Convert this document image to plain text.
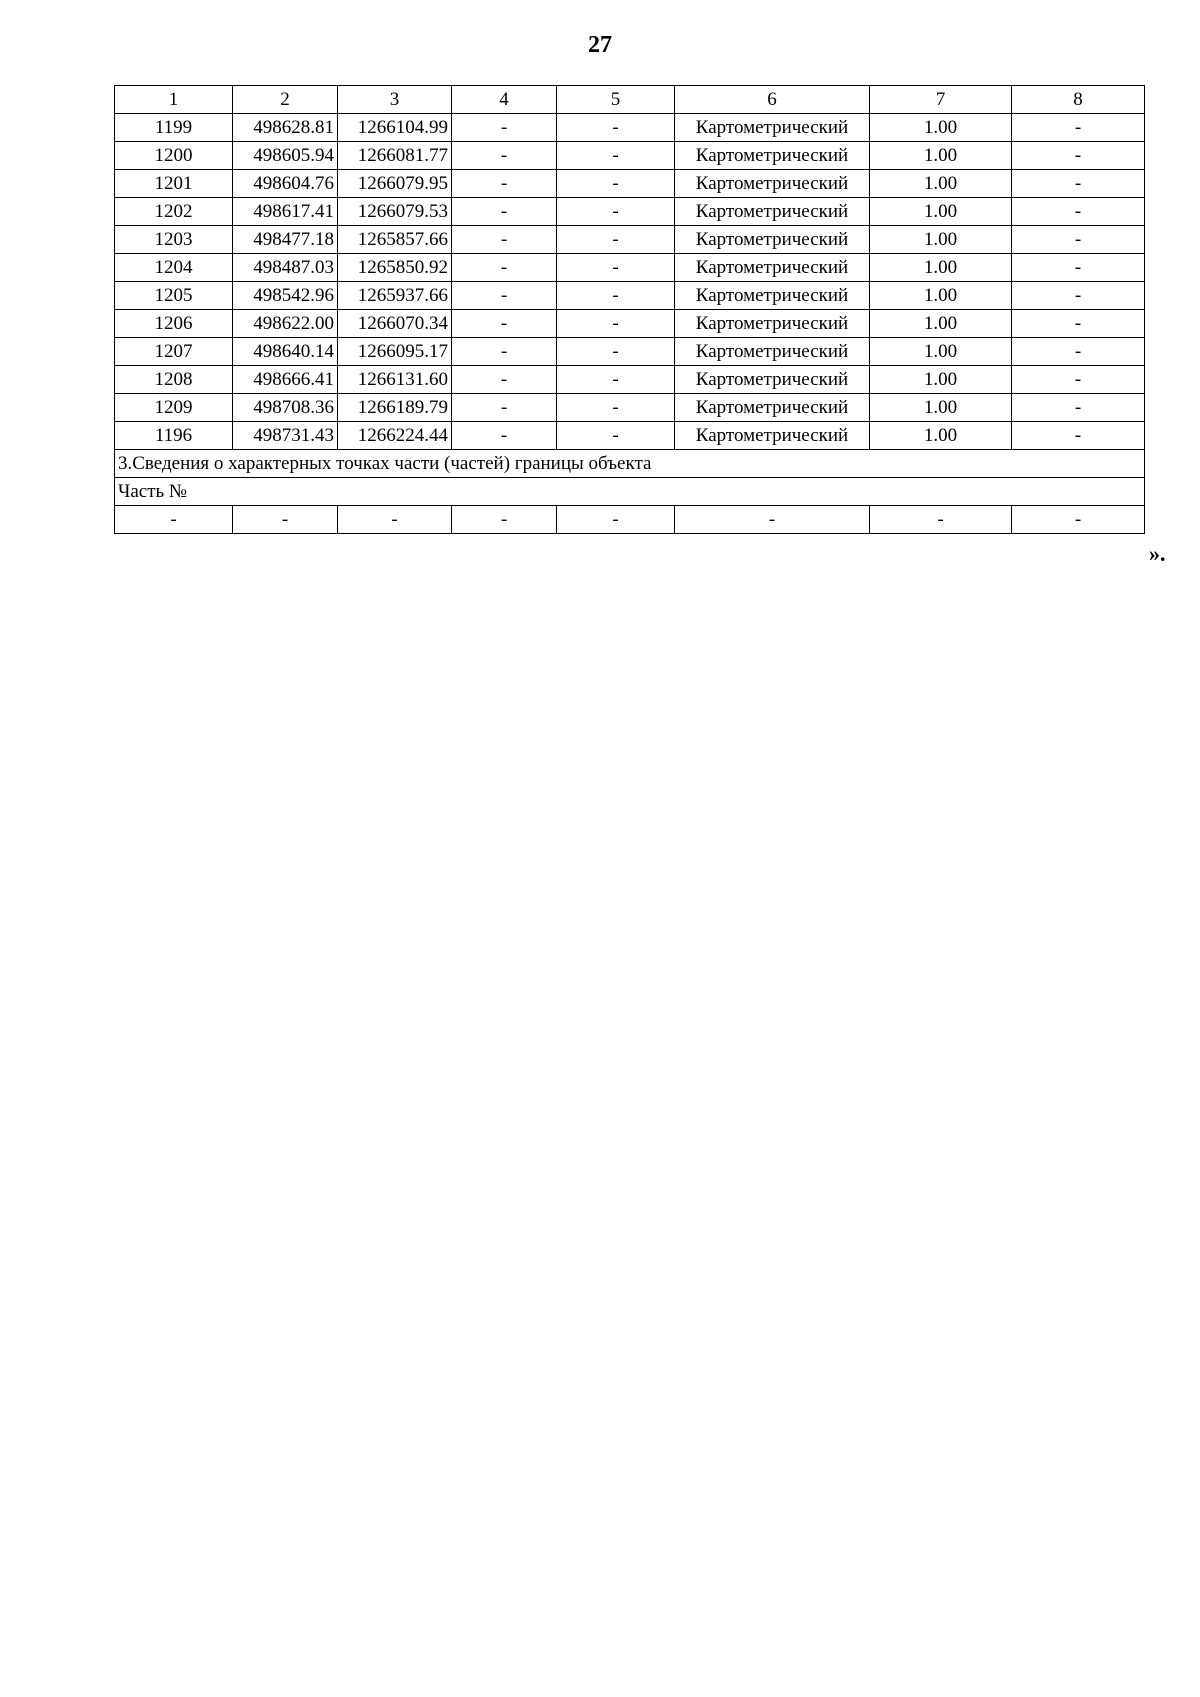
27
1	2	3	4	5	6	7	8
1199	498628.81	1266104.99	-	-	Картометрический	1.00	-
1200	498605.94	1266081.77	-	-	Картометрический	1.00	-
1201	498604.76	1266079.95	-	-	Картометрический	1.00	-
1202	498617.41	1266079.53	-	-	Картометрический	1.00	-
1203	498477.18	1265857.66	-	-	Картометрический	1.00	-
1204	498487.03	1265850.92	-	-	Картометрический	1.00	-
1205	498542.96	1265937.66	-	-	Картометрический	1.00	-
1206	498622.00	1266070.34	-	-	Картометрический	1.00	-
1207	498640.14	1266095.17	-	-	Картометрический	1.00	-
1208	498666.41	1266131.60	-	-	Картометрический	1.00	-
1209	498708.36	1266189.79	-	-	Картометрический	1.00	-
1196	498731.43	1266224.44	-	-	Картометрический	1.00	-
3.Сведения о характерных точках части (частей) границы объекта							
Часть №							
-	-	-	-	-	-	-	-
».
